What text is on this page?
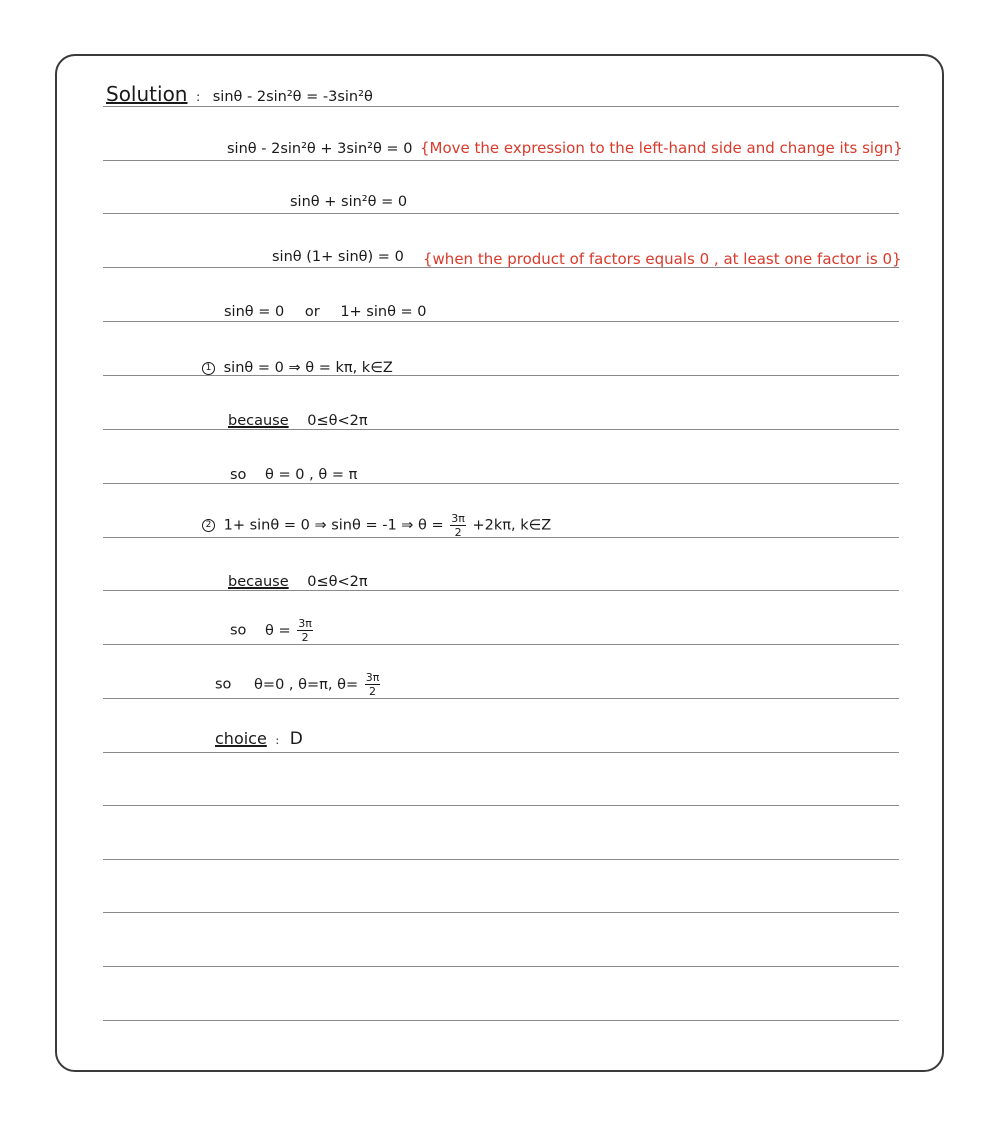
Solution : sinθ - 2sin²θ = -3sin²θ
sinθ - 2sin²θ + 3sin²θ = 0 {Move the expression to the left-hand side and change its sign}
sinθ + sin²θ = 0
sinθ (1+ sinθ) = 0 {when the product of factors equals 0 , at least one factor is 0}
sinθ = 0 or 1+ sinθ = 0
1 sinθ = 0 ⇒ θ = kπ, k∈Z
because 0≤θ<2π
so θ = 0 , θ = π
2 1+ sinθ = 0 ⇒ sinθ = -1 ⇒ $\theta = \frac{3\pi}{2} +2k\pi$, k∈Z
because 0≤θ<2π
so $\theta = \frac{3\pi}{2}$
so θ=0 , θ=π, $\theta= \frac{3\pi}{2}$
choice : D
